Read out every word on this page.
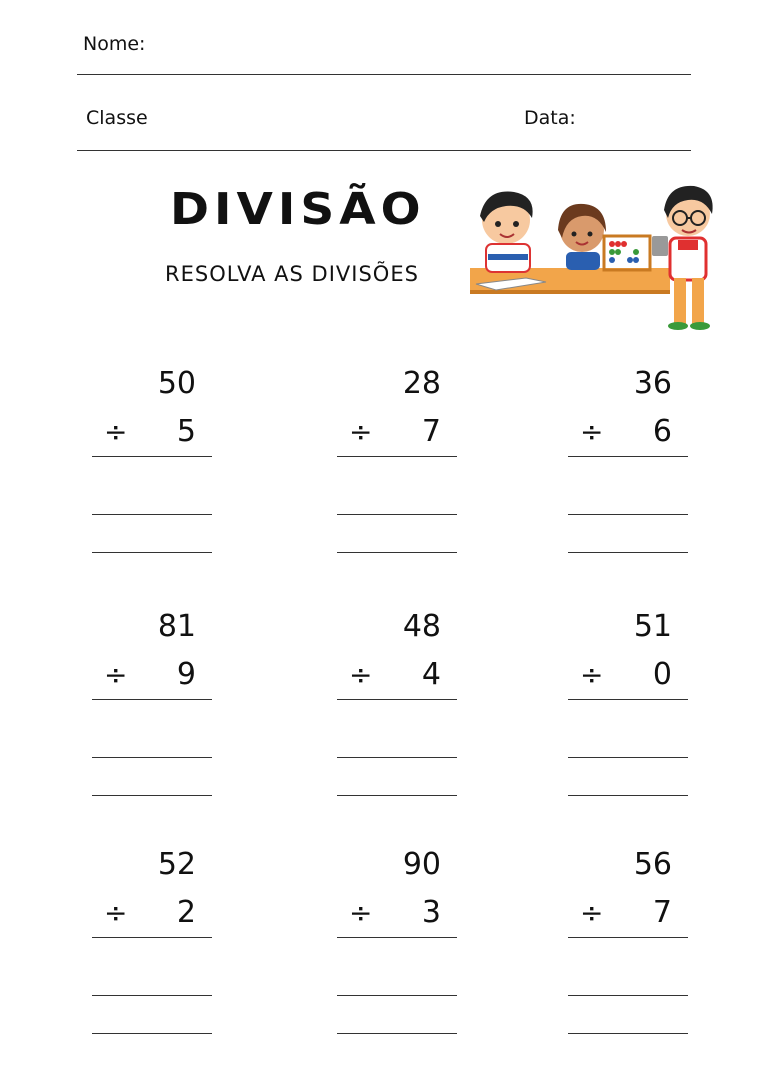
Nome:
Classe	Data:
DIVISÃO
RESOLVA AS DIVISÕES
50
÷ 5
28
÷ 7
36
÷ 6
81
÷ 9
48
÷ 4
51
÷ 0
52
÷ 2
90
÷ 3
56
÷ 7
